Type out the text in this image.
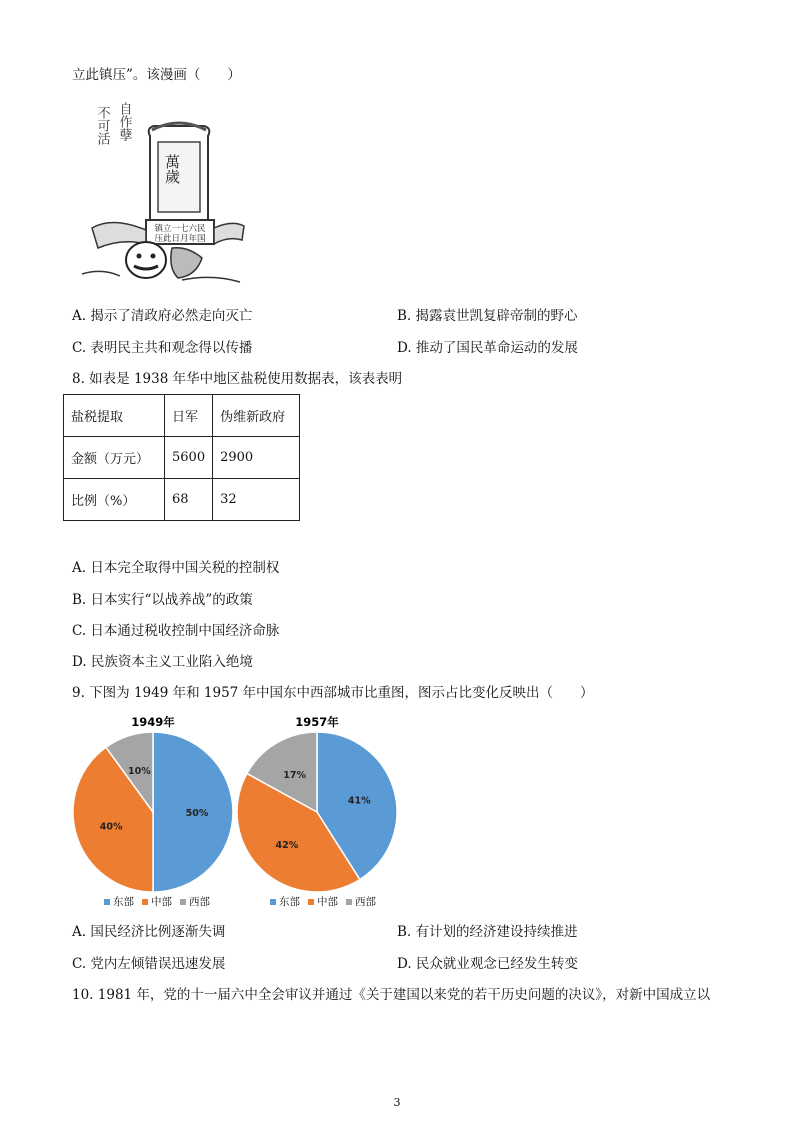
立此镇压”。该漫画（　　）
不可活 自作孽
萬歲
镇立一七六民
压此日月年国
A. 揭示了清政府必然走向灭亡	B. 揭露袁世凯复辟帝制的野心
C. 表明民主共和观念得以传播	D. 推动了国民革命运动的发展
8. 如表是 1938 年华中地区盐税使用数据表，该表表明
盐税提取	日军	伪维新政府
金额（万元）	5600	2900
比例（%）	68	32
A. 日本完全取得中国关税的控制权
B. 日本实行“以战养战”的政策
C. 日本通过税收控制中国经济命脉
D. 民族资本主义工业陷入绝境
9. 下图为 1949 年和 1957 年中国东中西部城市比重图，图示占比变化反映出（　　）
1949年
50%
40%
10%
1957年
41%
42%
17%
东部 中部 西部	东部 中部 西部
A. 国民经济比例逐渐失调	B. 有计划的经济建设持续推进
C. 党内左倾错误迅速发展	D. 民众就业观念已经发生转变
10. 1981 年，党的十一届六中全会审议并通过《关于建国以来党的若干历史问题的决议》，对新中国成立以
3
